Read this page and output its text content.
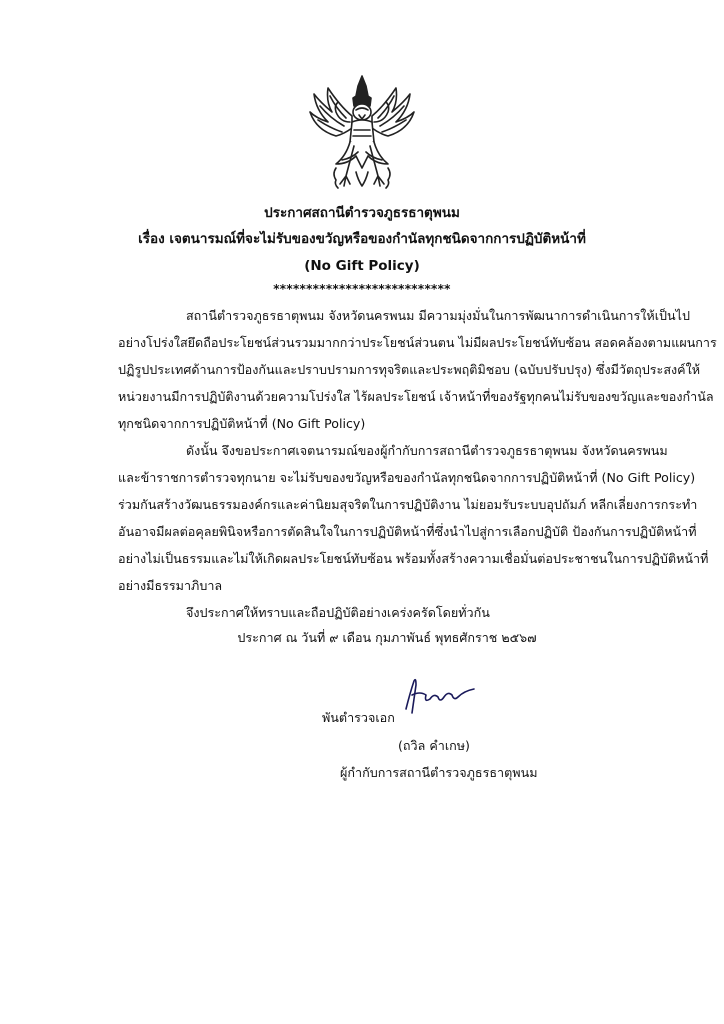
ประกาศสถานีตำรวจภูธรธาตุพนม
เรื่อง เจตนารมณ์ที่จะไม่รับของขวัญหรือของกำนัลทุกชนิดจากการปฏิบัติหน้าที่
(No Gift Policy)
***************************
สถานีตำรวจภูธรธาตุพนม จังหวัดนครพนม มีความมุ่งมั่นในการพัฒนาการดำเนินการให้เป็นไป
อย่างโปร่งใสยึดถือประโยชน์ส่วนรวมมากกว่าประโยชน์ส่วนตน ไม่มีผลประโยชน์ทับซ้อน สอดคล้องตามแผนการ
ปฏิรูปประเทศด้านการป้องกันและปราบปรามการทุจริตและประพฤติมิชอบ (ฉบับปรับปรุง) ซึ่งมีวัตถุประสงค์ให้
หน่วยงานมีการปฏิบัติงานด้วยความโปร่งใส ไร้ผลประโยชน์ เจ้าหน้าที่ของรัฐทุกคนไม่รับของขวัญและของกำนัล
ทุกชนิดจากการปฏิบัติหน้าที่ (No Gift Policy)
ดังนั้น จึงขอประกาศเจตนารมณ์ของผู้กำกับการสถานีตำรวจภูธรธาตุพนม จังหวัดนครพนม
และข้าราชการตำรวจทุกนาย จะไม่รับของขวัญหรือของกำนัลทุกชนิดจากการปฏิบัติหน้าที่ (No Gift Policy)
ร่วมกันสร้างวัฒนธรรมองค์กรและค่านิยมสุจริตในการปฏิบัติงาน ไม่ยอมรับระบบอุปถัมภ์ หลีกเลี่ยงการกระทำ
อันอาจมีผลต่อคุลยพินิจหรือการตัดสินใจในการปฏิบัติหน้าที่ซึ่งนำไปสู่การเลือกปฏิบัติ ป้องกันการปฏิบัติหน้าที่
อย่างไม่เป็นธรรมและไม่ให้เกิดผลประโยชน์ทับซ้อน พร้อมทั้งสร้างความเชื่อมั่นต่อประชาชนในการปฏิบัติหน้าที่
อย่างมีธรรมาภิบาล
จึงประกาศให้ทราบและถือปฏิบัติอย่างเคร่งครัดโดยทั่วกัน
ประกาศ ณ วันที่ ๙ เดือน กุมภาพันธ์ พุทธศักราช ๒๕๖๗
พันตำรวจเอก
(ถวิล คำเกษ)
ผู้กำกับการสถานีตำรวจภูธรธาตุพนม
